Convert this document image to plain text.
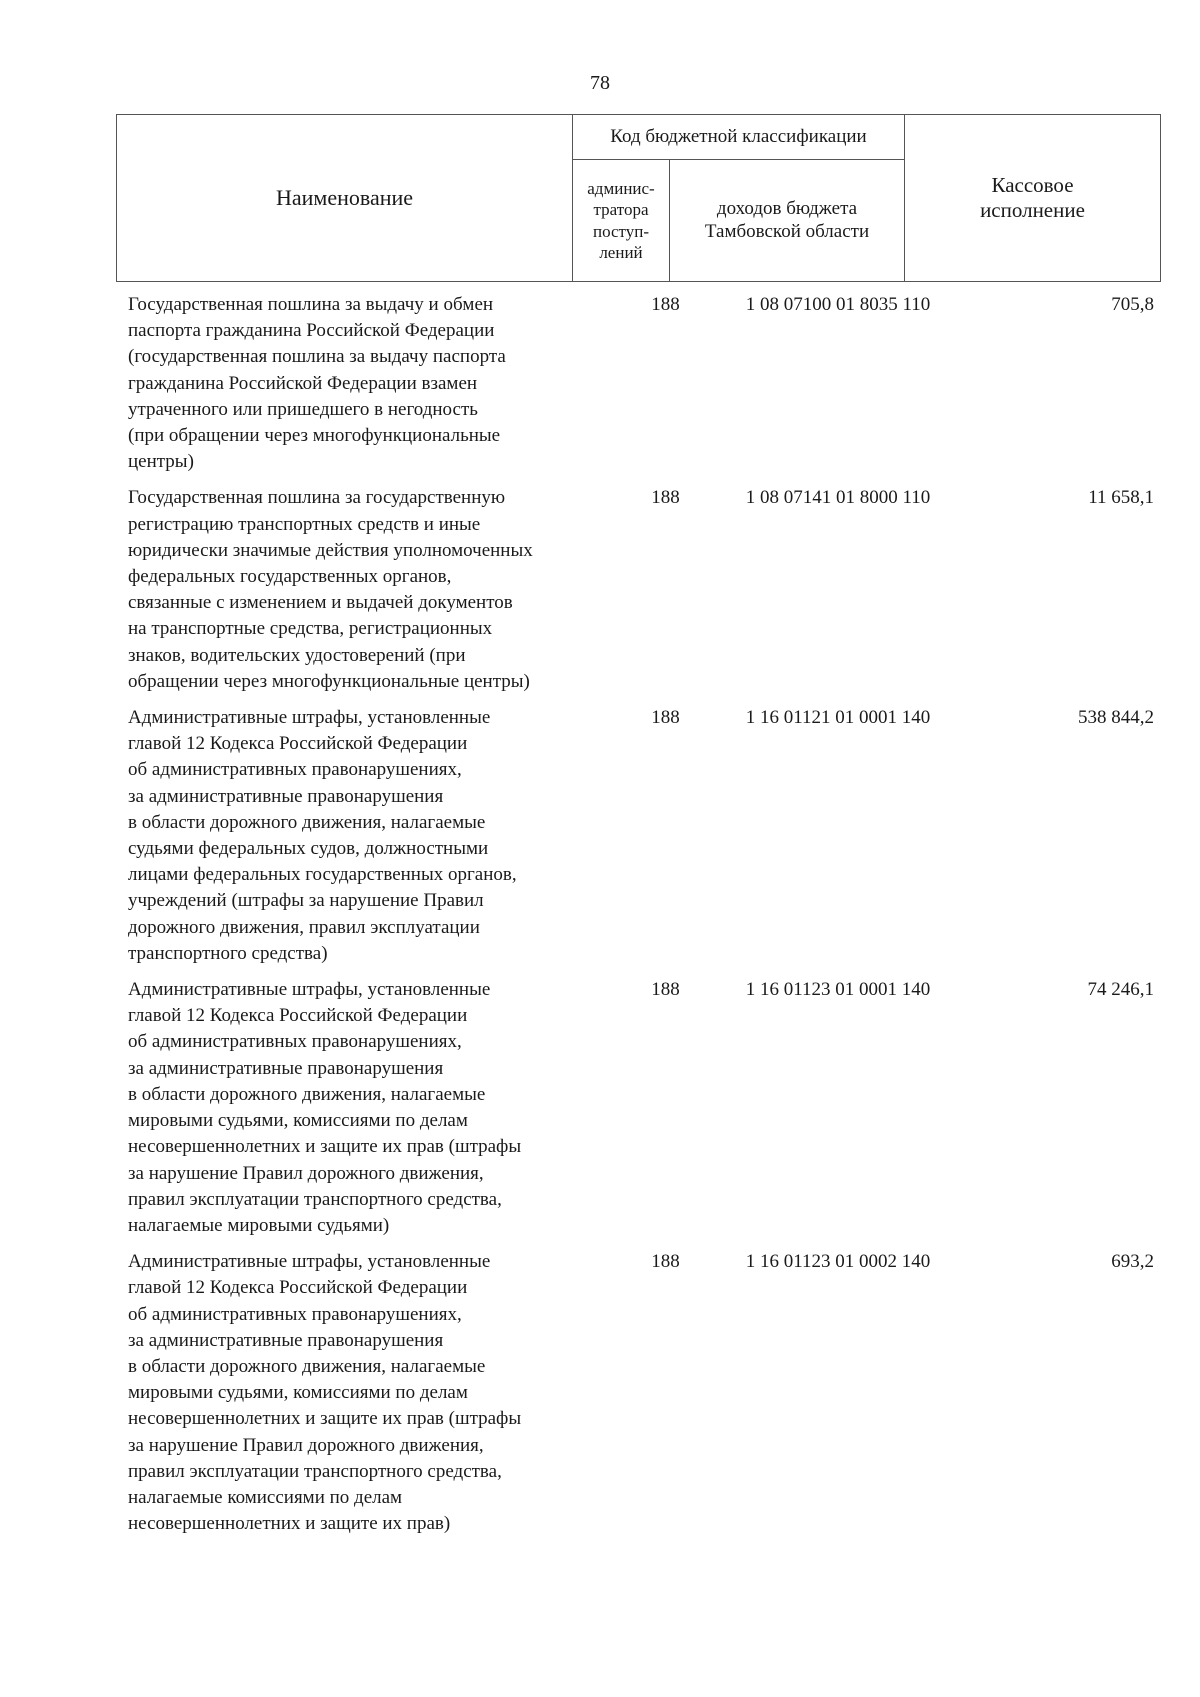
78
Наименование	Код бюджетной классификации		Кассовое
исполнение
	админис-
тратора
поступ-
лений	доходов бюджета
Тамбовской области	
Государственная пошлина за выдачу и обмен
паспорта гражданина Российской Федерации
(государственная пошлина за выдачу паспорта
гражданина Российской Федерации взамен
утраченного или пришедшего в негодность
(при обращении через многофункциональные
центры)
188	1 08 07100 01 8035 110	705,8
Государственная пошлина за государственную
регистрацию транспортных средств и иные
юридически значимые действия уполномоченных
федеральных государственных органов,
связанные с изменением и выдачей документов
на транспортные средства, регистрационных
знаков, водительских удостоверений (при
обращении через многофункциональные центры)
188	1 08 07141 01 8000 110	11 658,1
Административные штрафы, установленные
главой 12 Кодекса Российской Федерации
об административных правонарушениях,
за административные правонарушения
в области дорожного движения, налагаемые
судьями федеральных судов, должностными
лицами федеральных государственных органов,
учреждений (штрафы за нарушение Правил
дорожного движения, правил эксплуатации
транспортного средства)
188	1 16 01121 01 0001 140	538 844,2
Административные штрафы, установленные
главой 12 Кодекса Российской Федерации
об административных правонарушениях,
за административные правонарушения
в области дорожного движения, налагаемые
мировыми судьями, комиссиями по делам
несовершеннолетних и защите их прав (штрафы
за нарушение Правил дорожного движения,
правил эксплуатации транспортного средства,
налагаемые мировыми судьями)
188	1 16 01123 01 0001 140	74 246,1
Административные штрафы, установленные
главой 12 Кодекса Российской Федерации
об административных правонарушениях,
за административные правонарушения
в области дорожного движения, налагаемые
мировыми судьями, комиссиями по делам
несовершеннолетних и защите их прав (штрафы
за нарушение Правил дорожного движения,
правил эксплуатации транспортного средства,
налагаемые комиссиями по делам
несовершеннолетних и защите их прав)
188	1 16 01123 01 0002 140	693,2
